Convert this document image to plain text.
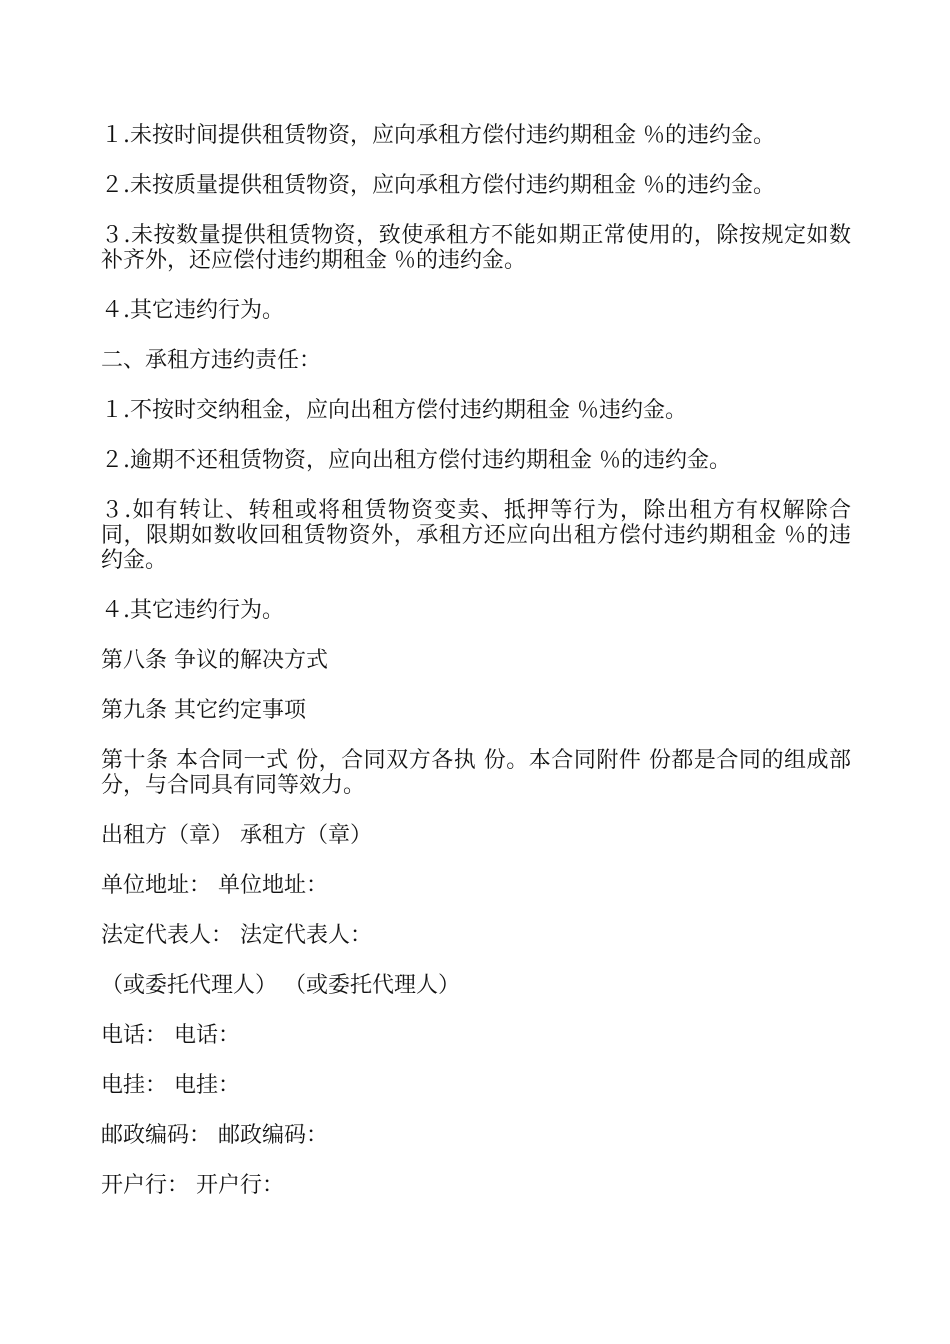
１.未按时间提供租赁物资，应向承租方偿付违约期租金 ％的违约金。

２.未按质量提供租赁物资，应向承租方偿付违约期租金 ％的违约金。

３.未按数量提供租赁物资，致使承租方不能如期正常使用的，除按规定如数补齐外，还应偿付违约期租金 ％的违约金。

４.其它违约行为。

二、承租方违约责任：

１.不按时交纳租金，应向出租方偿付违约期租金 ％违约金。

２.逾期不还租赁物资，应向出租方偿付违约期租金 ％的违约金。

３.如有转让、转租或将租赁物资变卖、抵押等行为，除出租方有权解除合同，限期如数收回租赁物资外，承租方还应向出租方偿付违约期租金 ％的违约金。

４.其它违约行为。

第八条 争议的解决方式

第九条 其它约定事项

第十条 本合同一式 份，合同双方各执 份。本合同附件 份都是合同的组成部分，与合同具有同等效力。

出租方（章） 承租方（章）

单位地址： 单位地址：

法定代表人： 法定代表人：

（或委托代理人） （或委托代理人）

电话： 电话：

电挂： 电挂：

邮政编码： 邮政编码：

开户行： 开户行：
